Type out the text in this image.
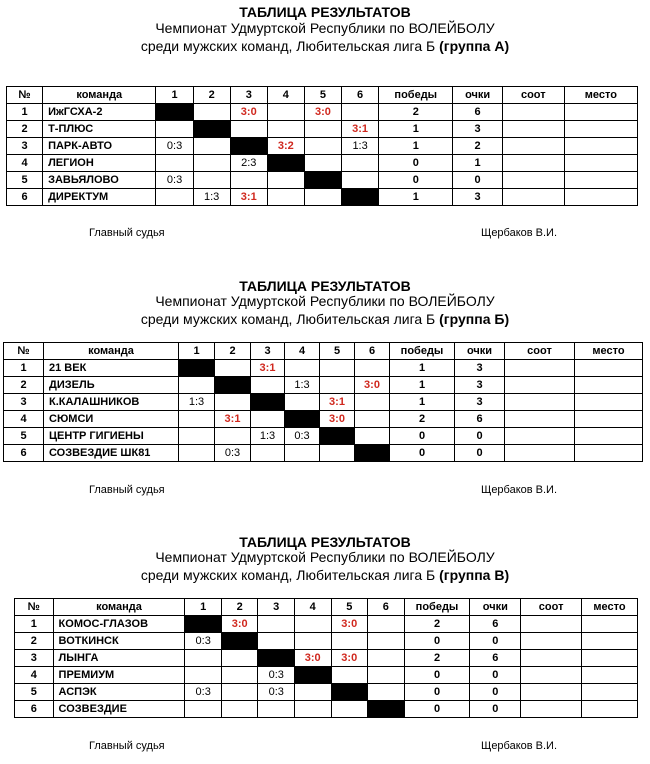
ТАБЛИЦА РЕЗУЛЬТАТОВ
Чемпионат Удмуртской Республики по ВОЛЕЙБОЛУ
среди мужских команд, Любительская лига Б (группа А)
№	команда	1	2	3	4	5	6	победы	очки	соот	место
1	ИжГСХА-2			3:0		3:0		2	6		
2	Т-ПЛЮС						3:1	1	3		
3	ПАРК-АВТО	0:3			3:2		1:3	1	2		
4	ЛЕГИОН			2:3				0	1		
5	ЗАВЬЯЛОВО	0:3						0	0		
6	ДИРЕКТУМ		1:3	3:1				1	3		
Главный судья	Щербаков В.И.
ТАБЛИЦА РЕЗУЛЬТАТОВ
Чемпионат Удмуртской Республики по ВОЛЕЙБОЛУ
среди мужских команд, Любительская лига Б (группа Б)
№	команда	1	2	3	4	5	6	победы	очки	соот	место
1	21 ВЕК			3:1				1	3		
2	ДИЗЕЛЬ				1:3		3:0	1	3		
3	К.КАЛАШНИКОВ	1:3				3:1		1	3		
4	СЮМСИ		3:1			3:0		2	6		
5	ЦЕНТР ГИГИЕНЫ			1:3	0:3			0	0		
6	СОЗВЕЗДИЕ ШК81		0:3					0	0		
Главный судья	Щербаков В.И.
ТАБЛИЦА РЕЗУЛЬТАТОВ
Чемпионат Удмуртской Республики по ВОЛЕЙБОЛУ
среди мужских команд, Любительская лига Б (группа В)
№	команда	1	2	3	4	5	6	победы	очки	соот	место
1	КОМОС-ГЛАЗОВ		3:0			3:0		2	6		
2	ВОТКИНСК	0:3						0	0		
3	ЛЫНГА				3:0	3:0		2	6		
4	ПРЕМИУМ			0:3				0	0		
5	АСПЭК	0:3		0:3				0	0		
6	СОЗВЕЗДИЕ							0	0		
Главный судья	Щербаков В.И.
